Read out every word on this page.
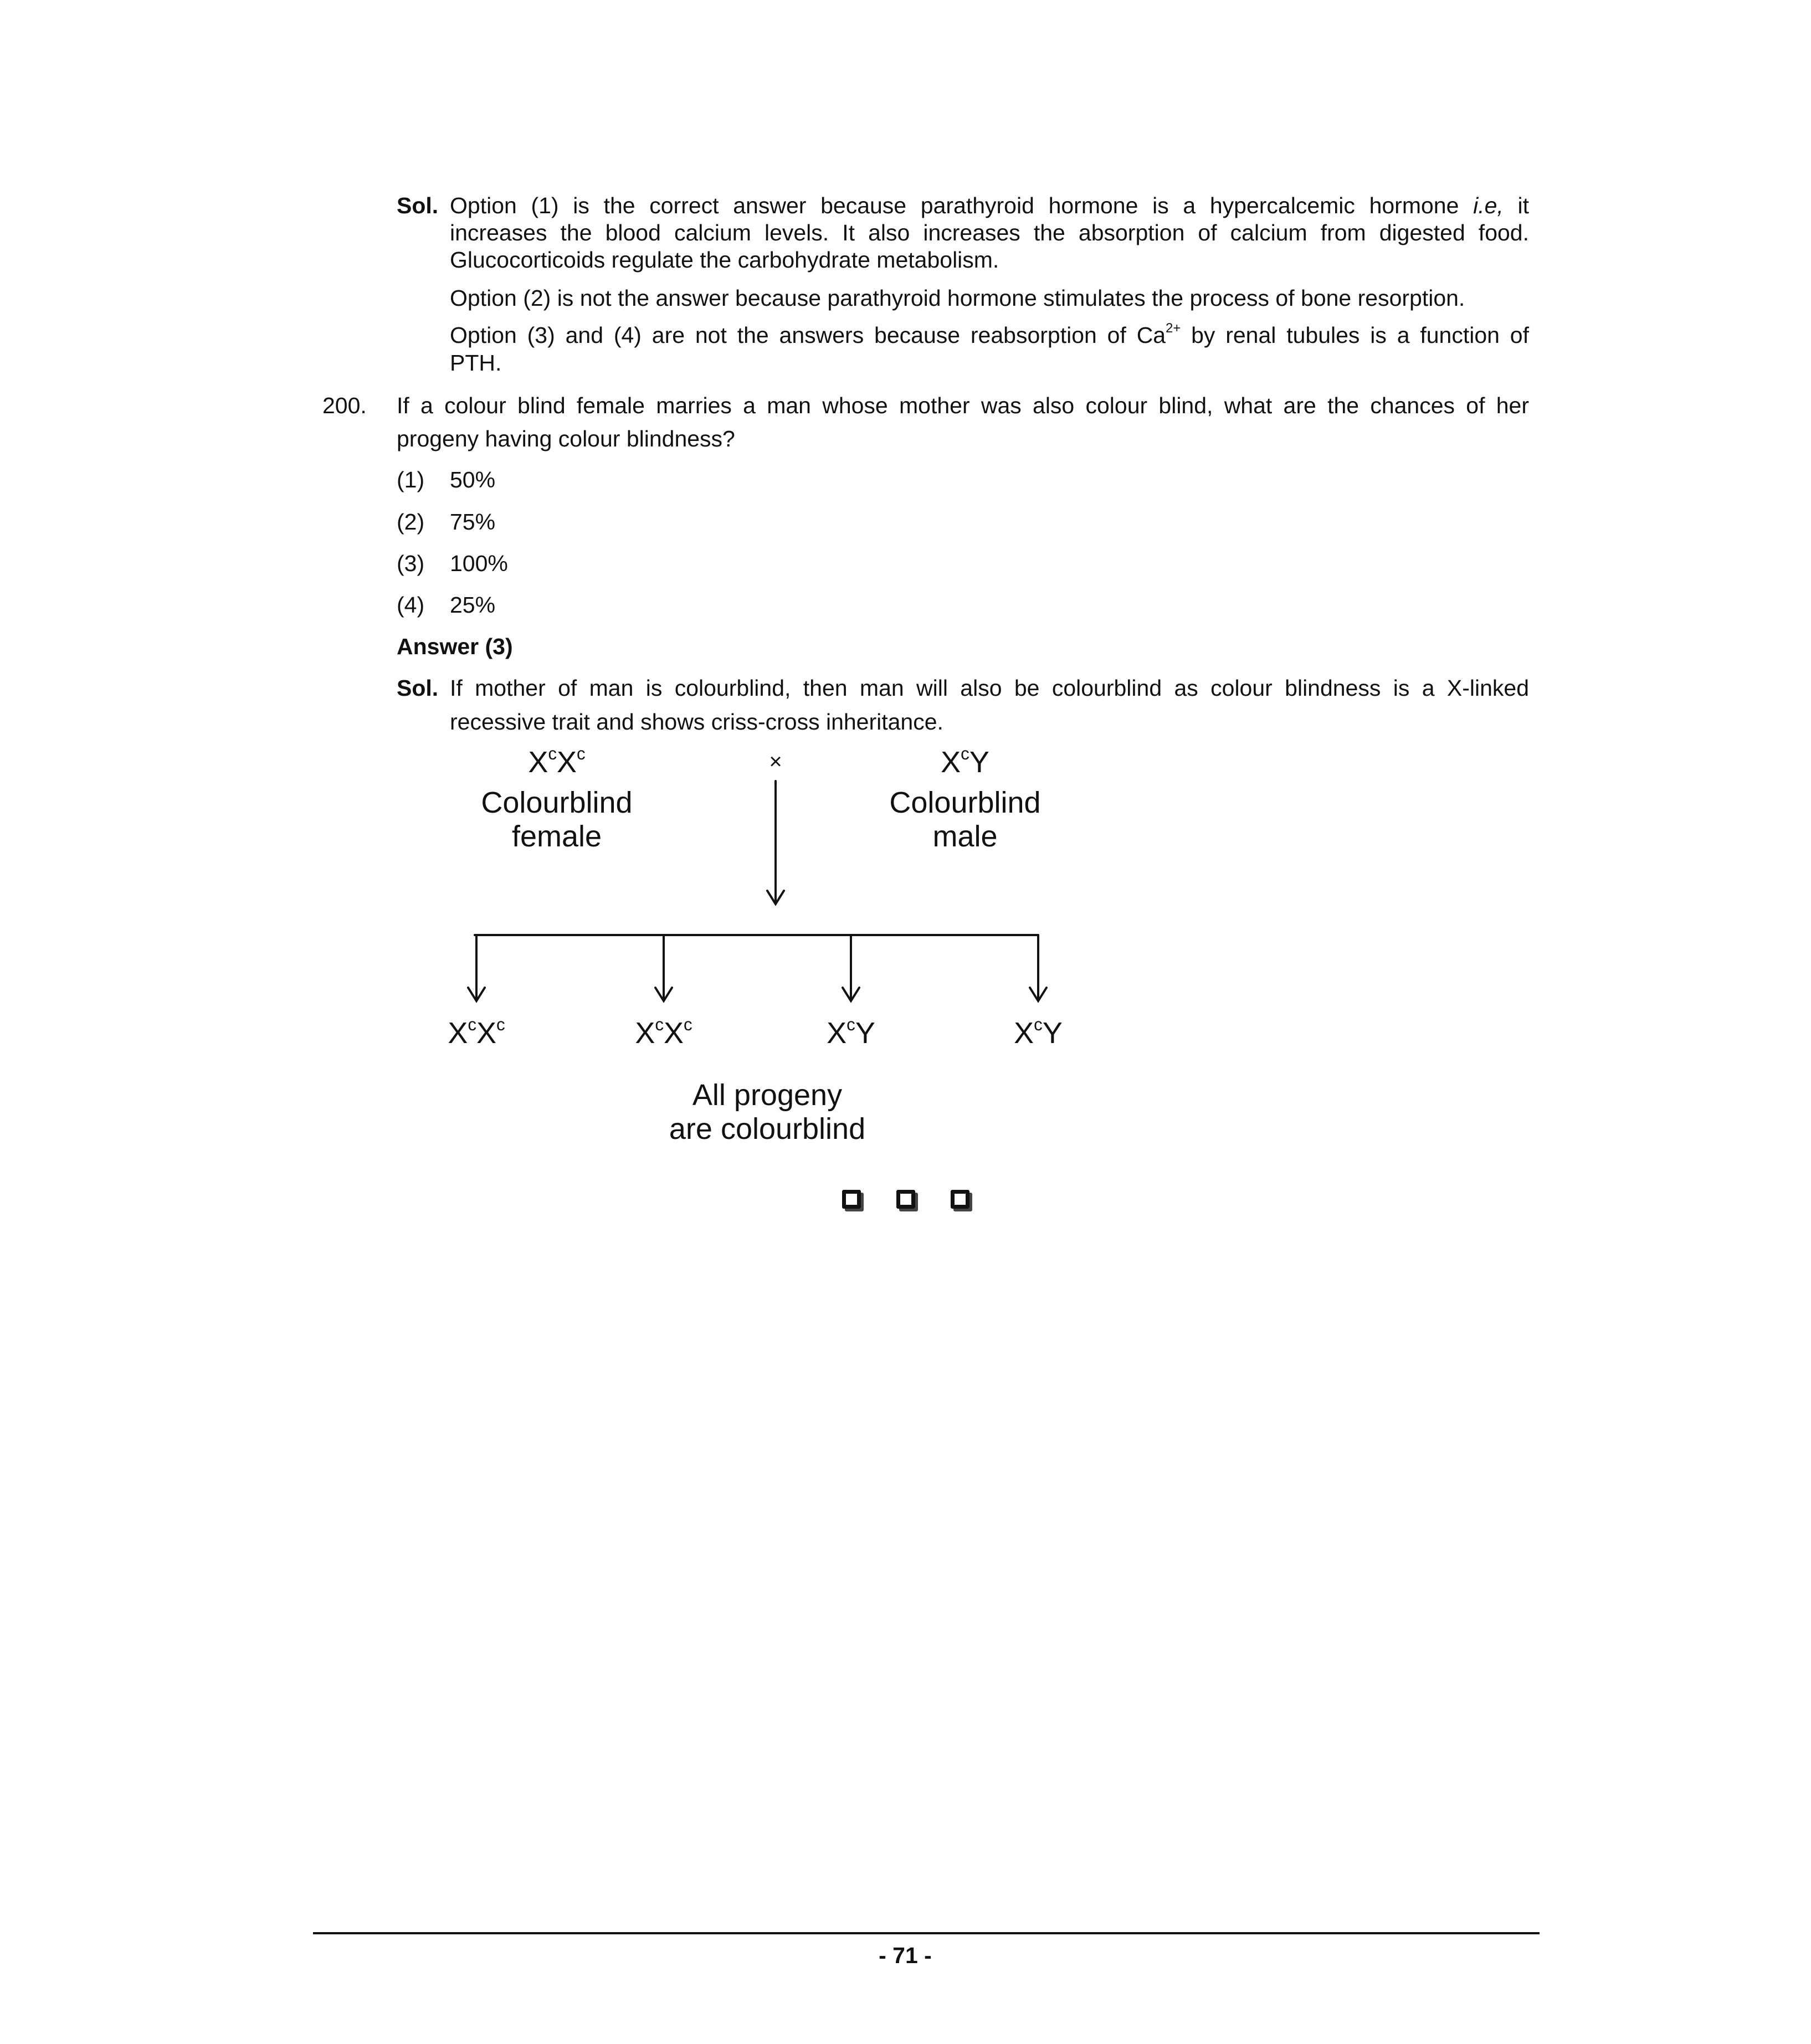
Sol. Option (1) is the correct answer because parathyroid hormone is a hypercalcemic hormone i.e, it
increases the blood calcium levels. It also increases the absorption of calcium from digested food.
Glucocorticoids regulate the carbohydrate metabolism.
Option (2) is not the answer because parathyroid hormone stimulates the process of bone resorption.
Option (3) and (4) are not the answers because reabsorption of $Ca^{2+}$ by renal tubules is a function of
PTH.
200. If a colour blind female marries a man whose mother was also colour blind, what are the chances of her
progeny having colour blindness?
(1) 50%
(2) 75%
(3) 100%
(4) 25%
Answer (3)
Sol. If mother of man is colourblind, then man will also be colourblind as colour blindness is a X-linked
recessive trait and shows criss-cross inheritance.
$X^cX^c$
Colourblind
female
×	$X^cY$
Colourblind
male
$X^cX^c$	$X^cX^c$	$X^cY$	$X^cY$
All progeny
are colourblind
- 71 -
